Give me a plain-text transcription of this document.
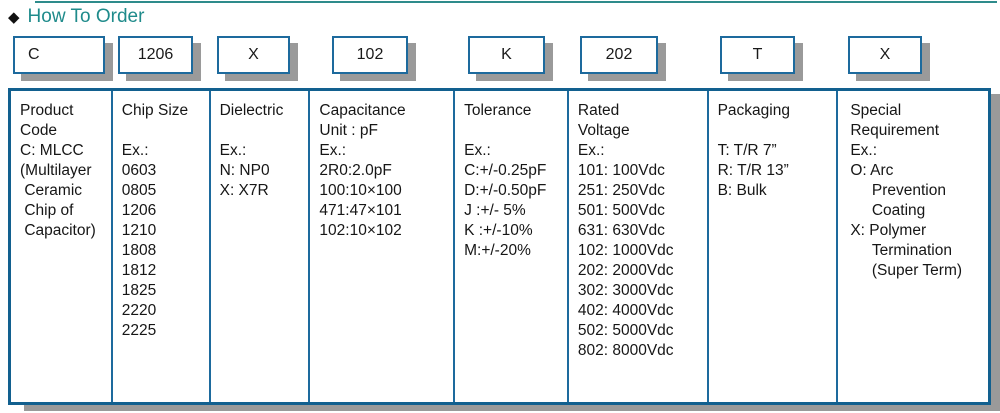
◆ How To Order
C	1206	X	102	K	202	T	X
Product
Code
C: MLCC
(Multilayer
Ceramic
Chip of
Capacitor)
Chip Size
Ex.:
0603
0805
1206
1210
1808
1812
1825
2220
2225
Dielectric
Ex.:
N: NP0
X: X7R
Capacitance
Unit : pF
Ex.:
2R0:2.0pF
100:10×100
471:47×101
102:10×102
Tolerance
Ex.:
C:+/-0.25pF
D:+/-0.50pF
J :+/- 5%
K :+/-10%
M:+/-20%
Rated
Voltage
Ex.:
101: 100Vdc
251: 250Vdc
501: 500Vdc
631: 630Vdc
102: 1000Vdc
202: 2000Vdc
302: 3000Vdc
402: 4000Vdc
502: 5000Vdc
802: 8000Vdc
Packaging
T: T/R 7”
R: T/R 13”
B: Bulk
Special
Requirement
Ex.:
O: Arc
Prevention
Coating
X: Polymer
Termination
(Super Term)
